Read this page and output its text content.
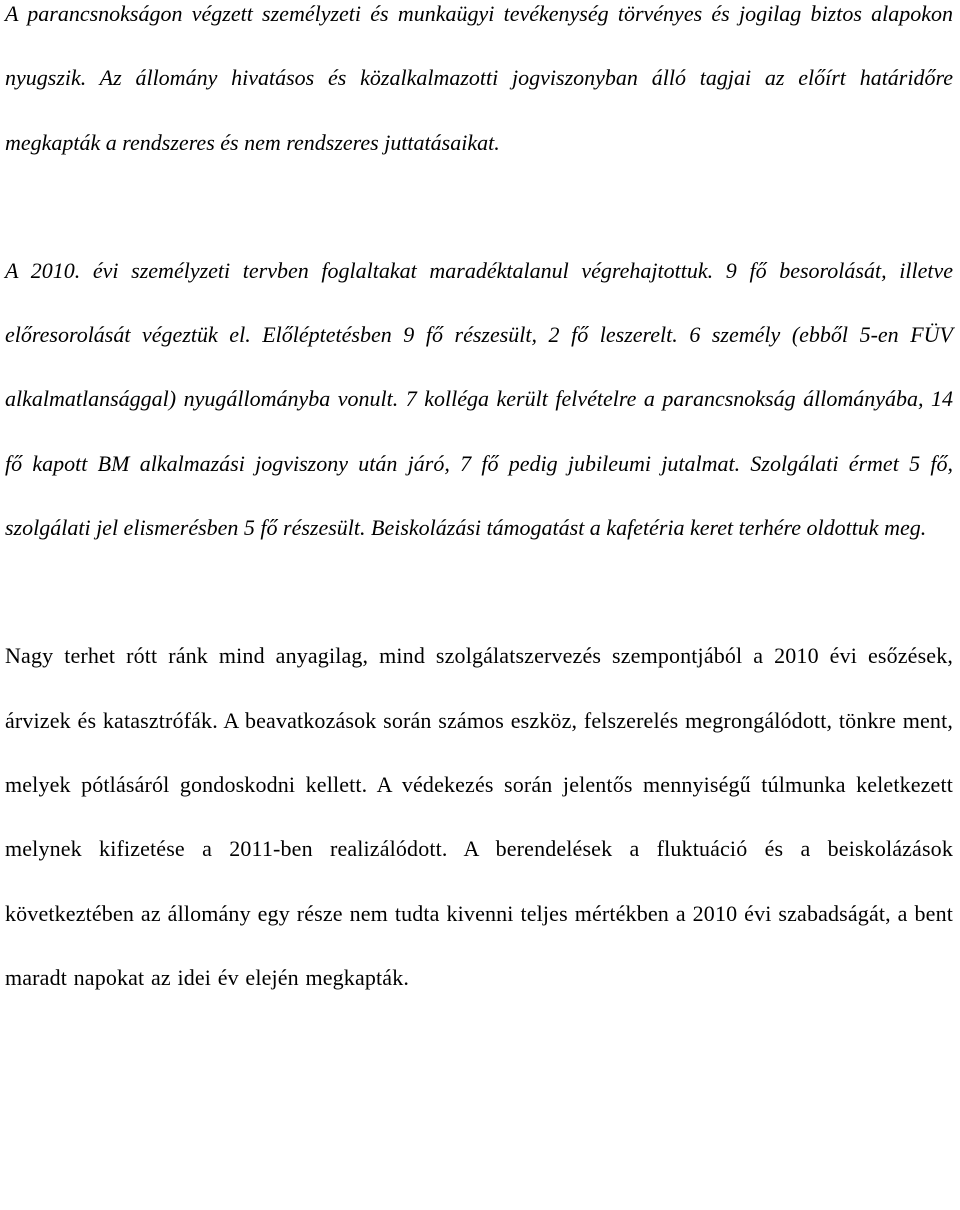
A parancsnokságon végzett személyzeti és munkaügyi tevékenység törvényes és jogilag biztos alapokon nyugszik. Az állomány hivatásos és közalkalmazotti jogviszonyban álló tagjai az előírt határidőre megkapták a rendszeres és nem rendszeres juttatásaikat.

A 2010. évi személyzeti tervben foglaltakat maradéktalanul végrehajtottuk. 9 fő besorolását, illetve előresorolását végeztük el. Előléptetésben 9 fő részesült, 2 fő leszerelt. 6 személy (ebből 5-en FÜV alkalmatlansággal) nyugállományba vonult. 7 kolléga került felvételre a parancsnokság állományába, 14 fő kapott BM alkalmazási jogviszony után járó, 7 fő pedig jubileumi jutalmat. Szolgálati érmet 5 fő, szolgálati jel elismerésben 5 fő részesült. Beiskolázási támogatást a kafetéria keret terhére oldottuk meg.

Nagy terhet rótt ránk mind anyagilag, mind szolgálatszervezés szempontjából a 2010 évi esőzések, árvizek és katasztrófák. A beavatkozások során számos eszköz, felszerelés megrongálódott, tönkre ment, melyek pótlásáról gondoskodni kellett. A védekezés során jelentős mennyiségű túlmunka keletkezett melynek kifizetése a 2011-ben realizálódott. A berendelések a fluktuáció és a beiskolázások következtében az állomány egy része nem tudta kivenni teljes mértékben a 2010 évi szabadságát, a bent maradt napokat az idei év elején megkapták.
